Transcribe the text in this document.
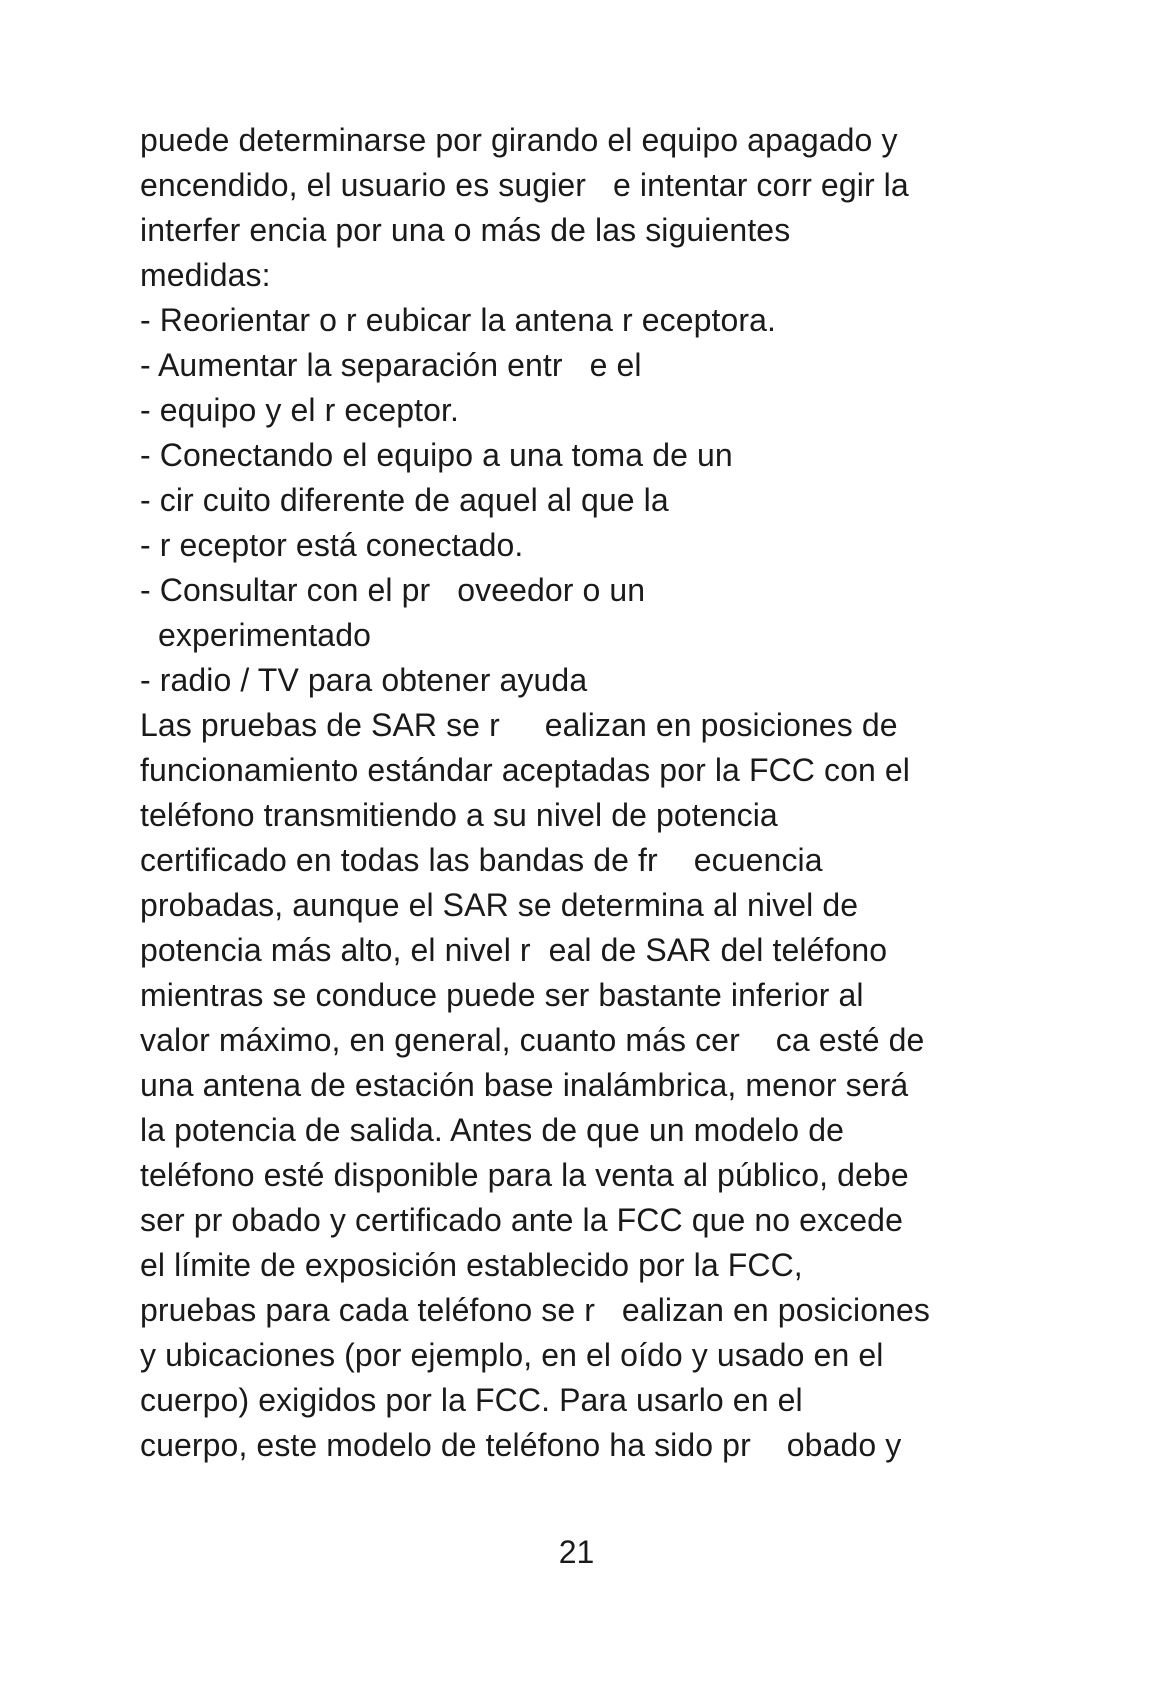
puede determinarse por girando el equipo apagado y
encendido, el usuario es sugier   e intentar corr egir la
interfer encia por una o más de las siguientes
medidas:
- Reorientar o r eubicar la antena r eceptora.
- Aumentar la separación entr   e el
- equipo y el r eceptor.
- Conectando el equipo a una toma de un
- cir cuito diferente de aquel al que la
- r eceptor está conectado.
- Consultar con el pr   oveedor o un
experimentado
- radio / TV para obtener ayuda
Las pruebas de SAR se r     ealizan en posiciones de
funcionamiento estándar aceptadas por la FCC con el
teléfono transmitiendo a su nivel de potencia
certificado en todas las bandas de fr    ecuencia
probadas, aunque el SAR se determina al nivel de
potencia más alto, el nivel r  eal de SAR del teléfono
mientras se conduce puede ser bastante inferior al
valor máximo, en general, cuanto más cer    ca esté de
una antena de estación base inalámbrica, menor será
la potencia de salida. Antes de que un modelo de
teléfono esté disponible para la venta al público, debe
ser pr obado y certificado ante la FCC que no excede
el límite de exposición establecido por la FCC,
pruebas para cada teléfono se r   ealizan en posiciones
y ubicaciones (por ejemplo, en el oído y usado en el
cuerpo) exigidos por la FCC. Para usarlo en el
cuerpo, este modelo de teléfono ha sido pr    obado y
21
